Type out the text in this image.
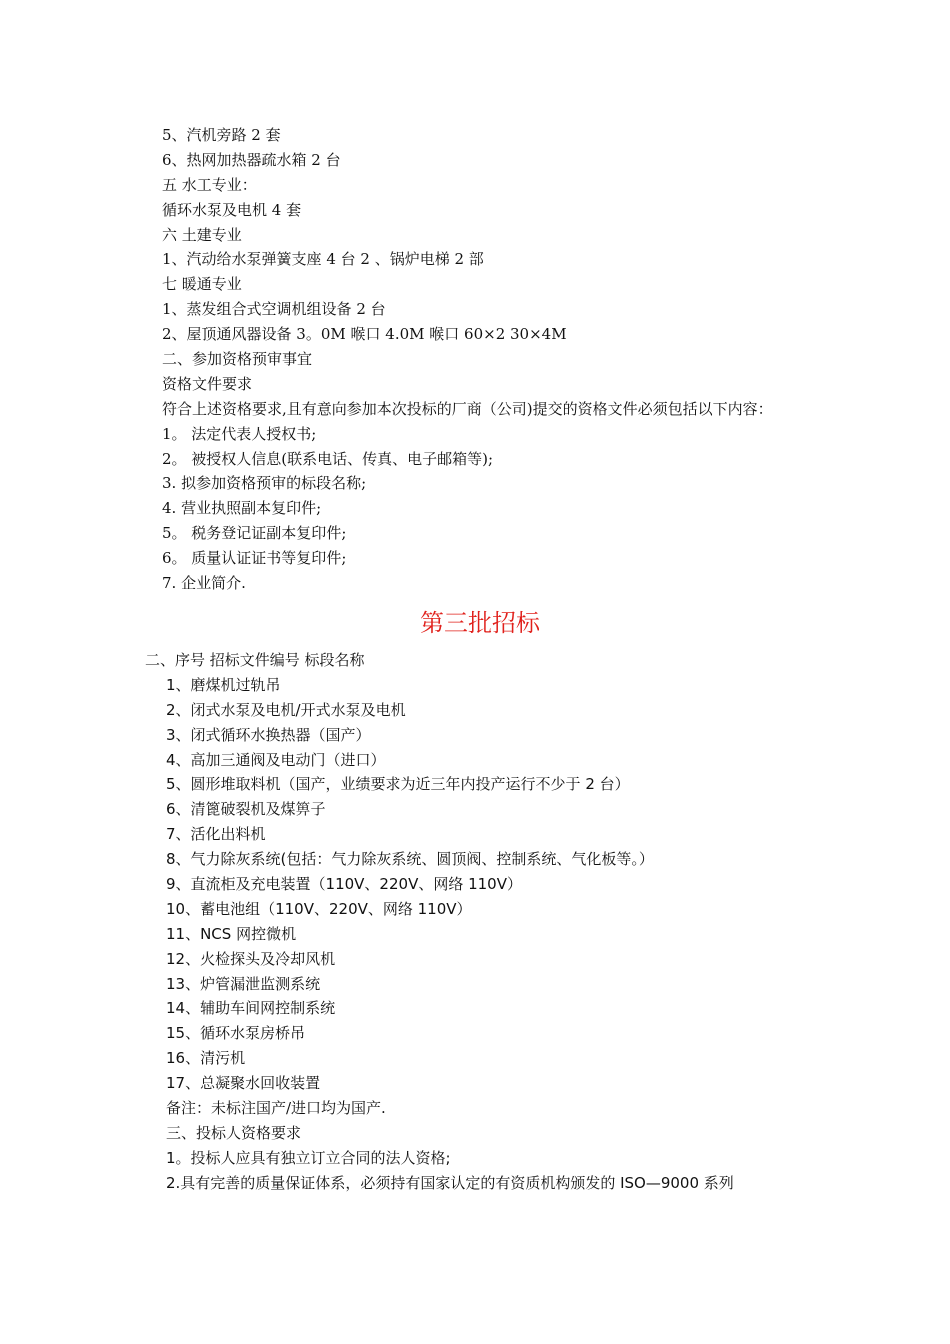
5、汽机旁路 2 套
6、热网加热器疏水箱 2 台
五 水工专业：
循环水泵及电机 4 套
六 土建专业
1、汽动给水泵弹簧支座 4 台 2 、锅炉电梯 2 部
七 暖通专业
1、蒸发组合式空调机组设备 2 台
2、屋顶通风器设备 3。0M 喉口 4.0M 喉口 60×2 30×4M
二、参加资格预审事宜
资格文件要求
符合上述资格要求,且有意向参加本次投标的厂商（公司)提交的资格文件必须包括以下内容：
1。 法定代表人授权书;
2。 被授权人信息(联系电话、传真、电子邮箱等);
3. 拟参加资格预审的标段名称;
4. 营业执照副本复印件;
5。 税务登记证副本复印件;
6。 质量认证证书等复印件;
7. 企业简介.
第三批招标
二、序号 招标文件编号 标段名称
1、磨煤机过轨吊
2、闭式水泵及电机/开式水泵及电机
3、闭式循环水换热器（国产）
4、高加三通阀及电动门（进口）
5、圆形堆取料机（国产，业绩要求为近三年内投产运行不少于 2 台）
6、清篦破裂机及煤箅子
7、活化出料机
8、气力除灰系统(包括：气力除灰系统、圆顶阀、控制系统、气化板等。）
9、直流柜及充电装置（110V、220V、网络 110V）
10、蓄电池组（110V、220V、网络 110V）
11、NCS 网控微机
12、火检探头及冷却风机
13、炉管漏泄监测系统
14、辅助车间网控制系统
15、循环水泵房桥吊
16、清污机
17、总凝聚水回收装置
备注：未标注国产/进口均为国产.
三、投标人资格要求
1。投标人应具有独立订立合同的法人资格;
2.具有完善的质量保证体系，必须持有国家认定的有资质机构颁发的 ISO—9000 系列
